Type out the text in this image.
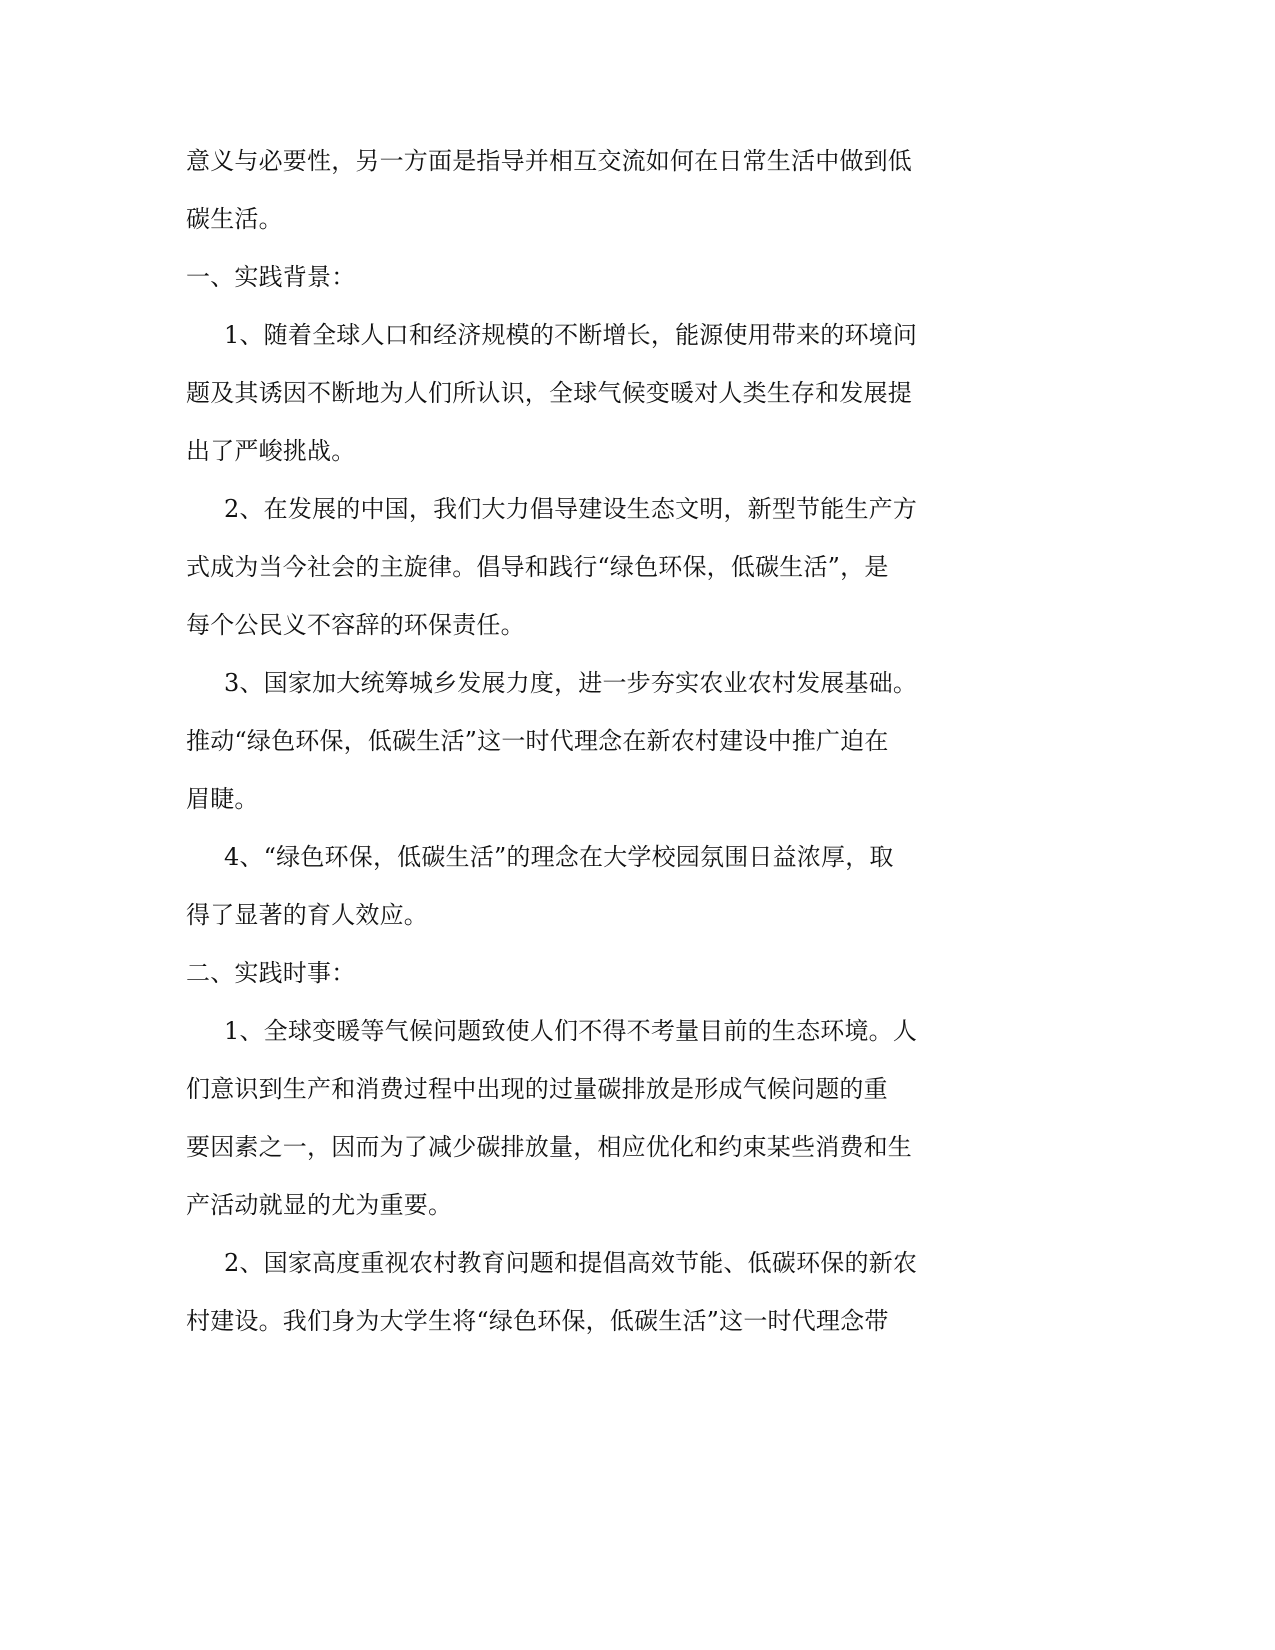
意义与必要性，另一方面是指导并相互交流如何在日常生活中做到低
碳生活。
一、实践背景：
1、随着全球人口和经济规模的不断增长，能源使用带来的环境问
题及其诱因不断地为人们所认识，全球气候变暖对人类生存和发展提
出了严峻挑战。
2、在发展的中国，我们大力倡导建设生态文明，新型节能生产方
式成为当今社会的主旋律。倡导和践行“绿色环保，低碳生活”，是
每个公民义不容辞的环保责任。
3、国家加大统筹城乡发展力度，进一步夯实农业农村发展基础。
推动“绿色环保，低碳生活”这一时代理念在新农村建设中推广迫在
眉睫。
4、“绿色环保，低碳生活”的理念在大学校园氛围日益浓厚，取
得了显著的育人效应。
二、实践时事：
1、全球变暖等气候问题致使人们不得不考量目前的生态环境。人
们意识到生产和消费过程中出现的过量碳排放是形成气候问题的重
要因素之一，因而为了减少碳排放量，相应优化和约束某些消费和生
产活动就显的尤为重要。
2、国家高度重视农村教育问题和提倡高效节能、低碳环保的新农
村建设。我们身为大学生将“绿色环保，低碳生活”这一时代理念带
